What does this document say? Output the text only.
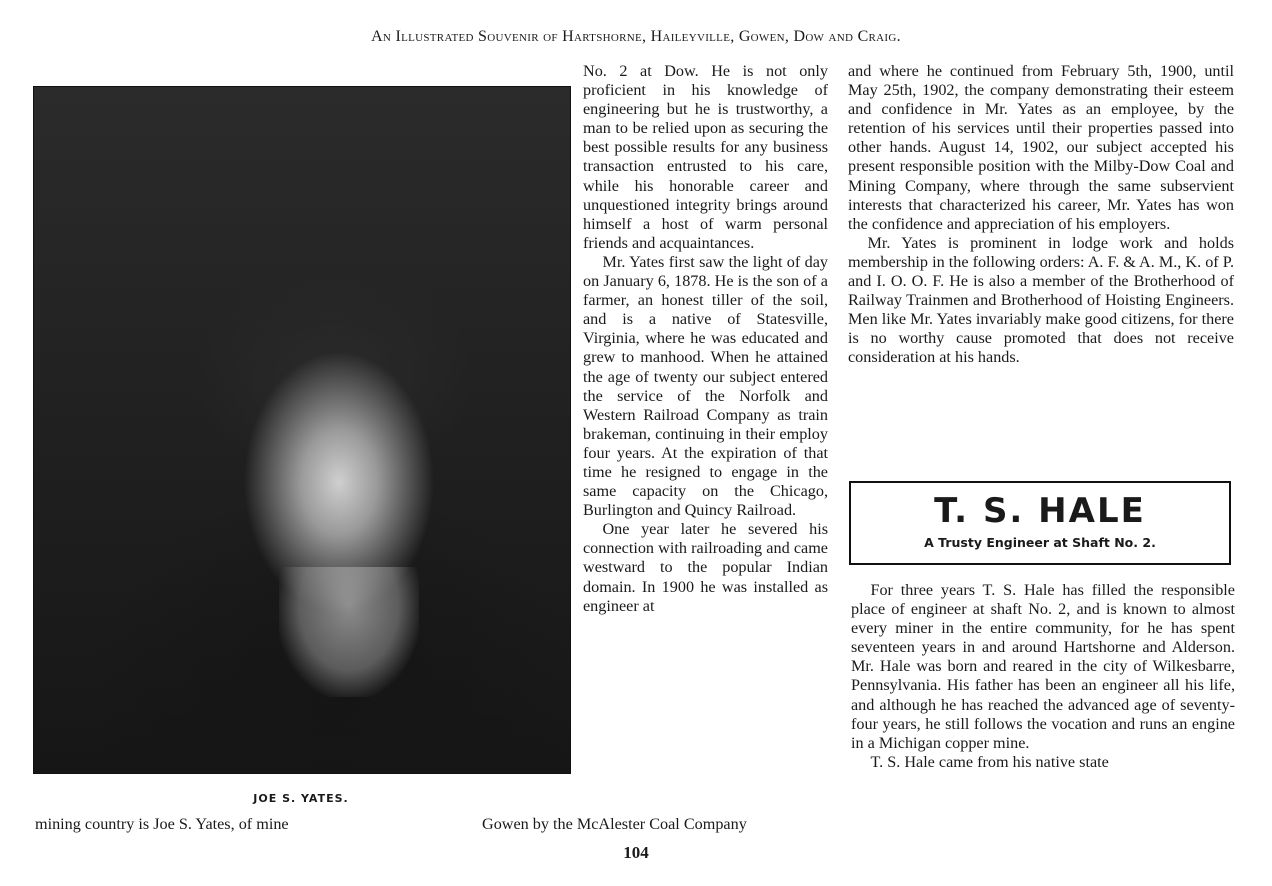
An Illustrated Souvenir of Hartshorne, Haileyville, Gowen, Dow and Craig.
JOE S. YATES.

No. 2 at Dow. He is not only proficient in his knowledge of engineering but he is trustworthy, a man to be relied upon as securing the best possible results for any business transaction entrusted to his care, while his honorable career and unquestioned integrity brings around himself a host of warm personal friends and acquaintances.

Mr. Yates first saw the light of day on January 6, 1878. He is the son of a farmer, an honest tiller of the soil, and is a native of Statesville, Virginia, where he was educated and grew to manhood. When he attained the age of twenty our subject entered the service of the Norfolk and Western Railroad Company as train brakeman, continuing in their employ four years. At the expiration of that time he resigned to engage in the same capacity on the Chicago, Burlington and Quincy Railroad.

One year later he severed his connection with railroading and came westward to the popular Indian domain. In 1900 he was installed as engineer at

mining country is Joe S. Yates, of mine	Gowen by the McAlester Coal Company

and where he continued from February 5th, 1900, until May 25th, 1902, the company demonstrating their esteem and confidence in Mr. Yates as an employee, by the retention of his services until their properties passed into other hands. August 14, 1902, our subject accepted his present responsible position with the Milby-Dow Coal and Mining Company, where through the same subservient interests that characterized his career, Mr. Yates has won the confidence and appreciation of his employers.

Mr. Yates is prominent in lodge work and holds membership in the following orders: A. F. & A. M., K. of P. and I. O. O. F. He is also a member of the Brotherhood of Railway Trainmen and Brotherhood of Hoisting Engineers. Men like Mr. Yates invariably make good citizens, for there is no worthy cause promoted that does not receive consideration at his hands.

T. S. HALE
A Trusty Engineer at Shaft No. 2.

For three years T. S. Hale has filled the responsible place of engineer at shaft No. 2, and is known to almost every miner in the entire community, for he has spent seventeen years in and around Hartshorne and Alderson. Mr. Hale was born and reared in the city of Wilkesbarre, Pennsylvania. His father has been an engineer all his life, and although he has reached the advanced age of seventy-four years, he still follows the vocation and runs an engine in a Michigan copper mine.

T. S. Hale came from his native state

104
